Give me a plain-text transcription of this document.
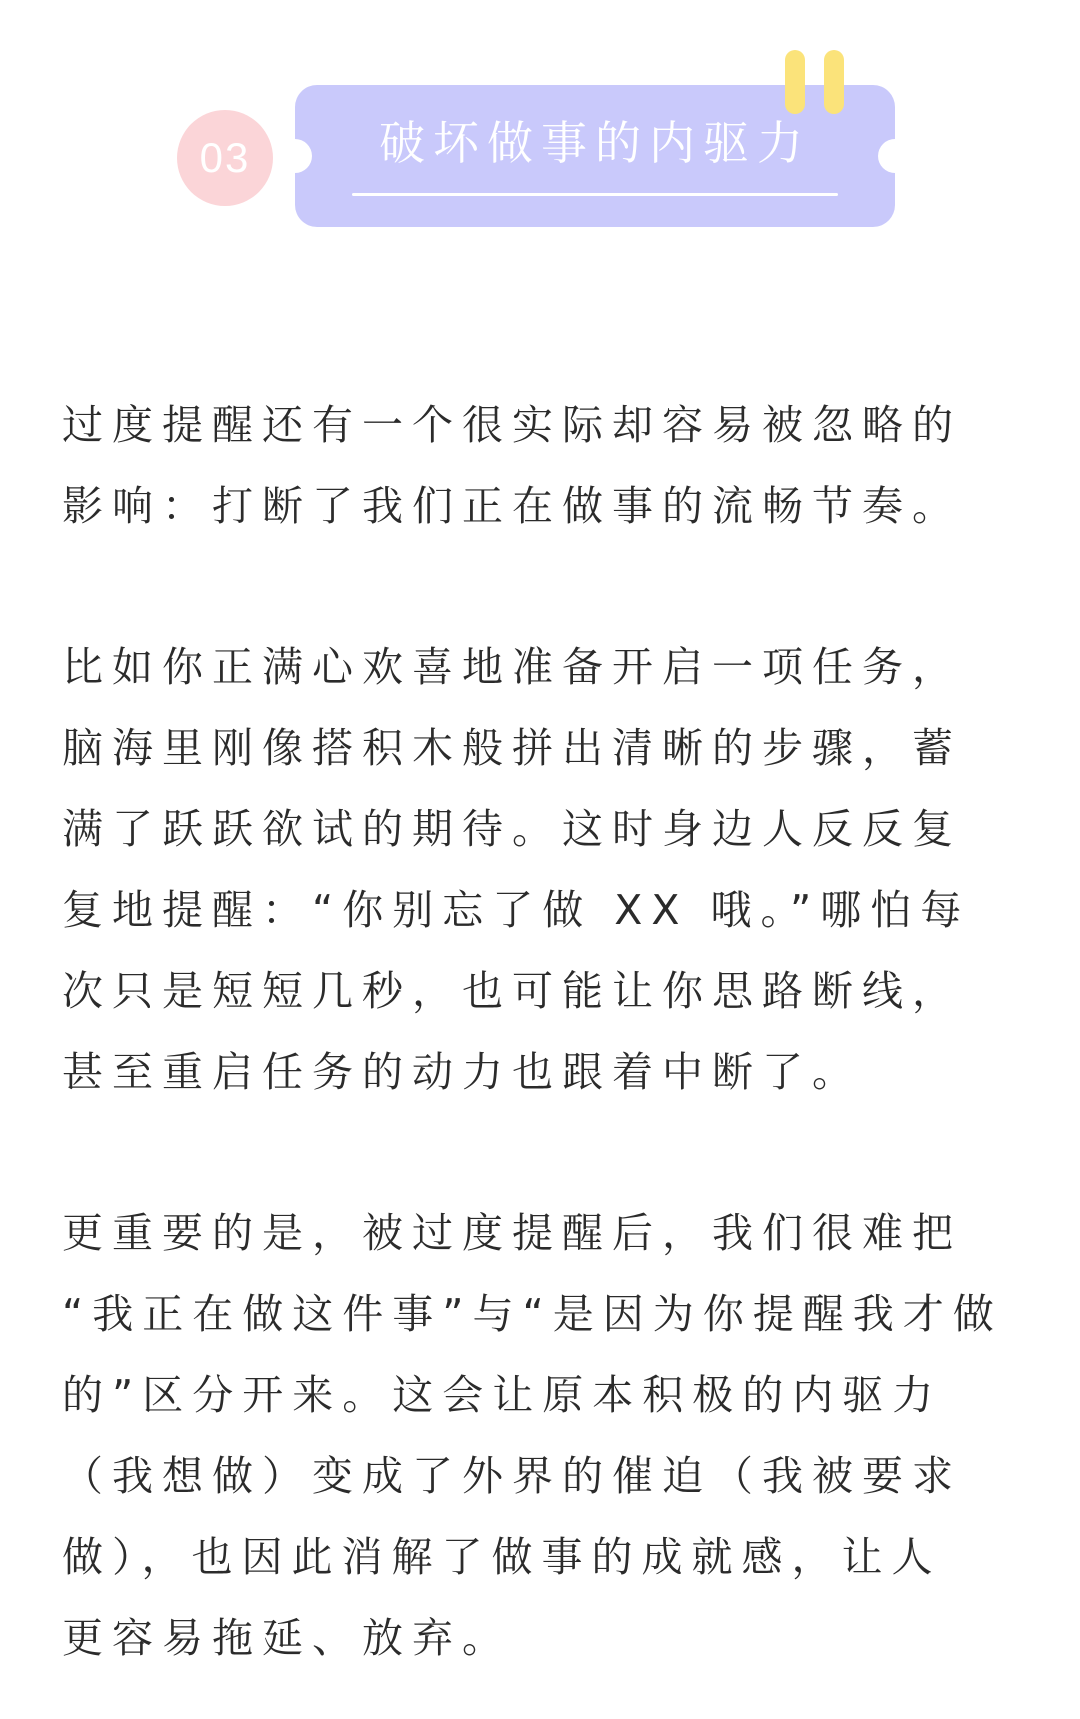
03	破坏做事的内驱力

过度提醒还有一个很实际却容易被忽略的
影响：打断了我们正在做事的流畅节奏。

比如你正满心欢喜地准备开启一项任务，
脑海里刚像搭积木般拼出清晰的步骤，蓄
满了跃跃欲试的期待。这时身边人反反复
复地提醒：“你别忘了做 XX 哦。”哪怕每
次只是短短几秒，也可能让你思路断线，
甚至重启任务的动力也跟着中断了。

更重要的是，被过度提醒后，我们很难把
“我正在做这件事”与“是因为你提醒我才做
的”区分开来。这会让原本积极的内驱力
（我想做）变成了外界的催迫（我被要求
做），也因此消解了做事的成就感，让人
更容易拖延、放弃。
